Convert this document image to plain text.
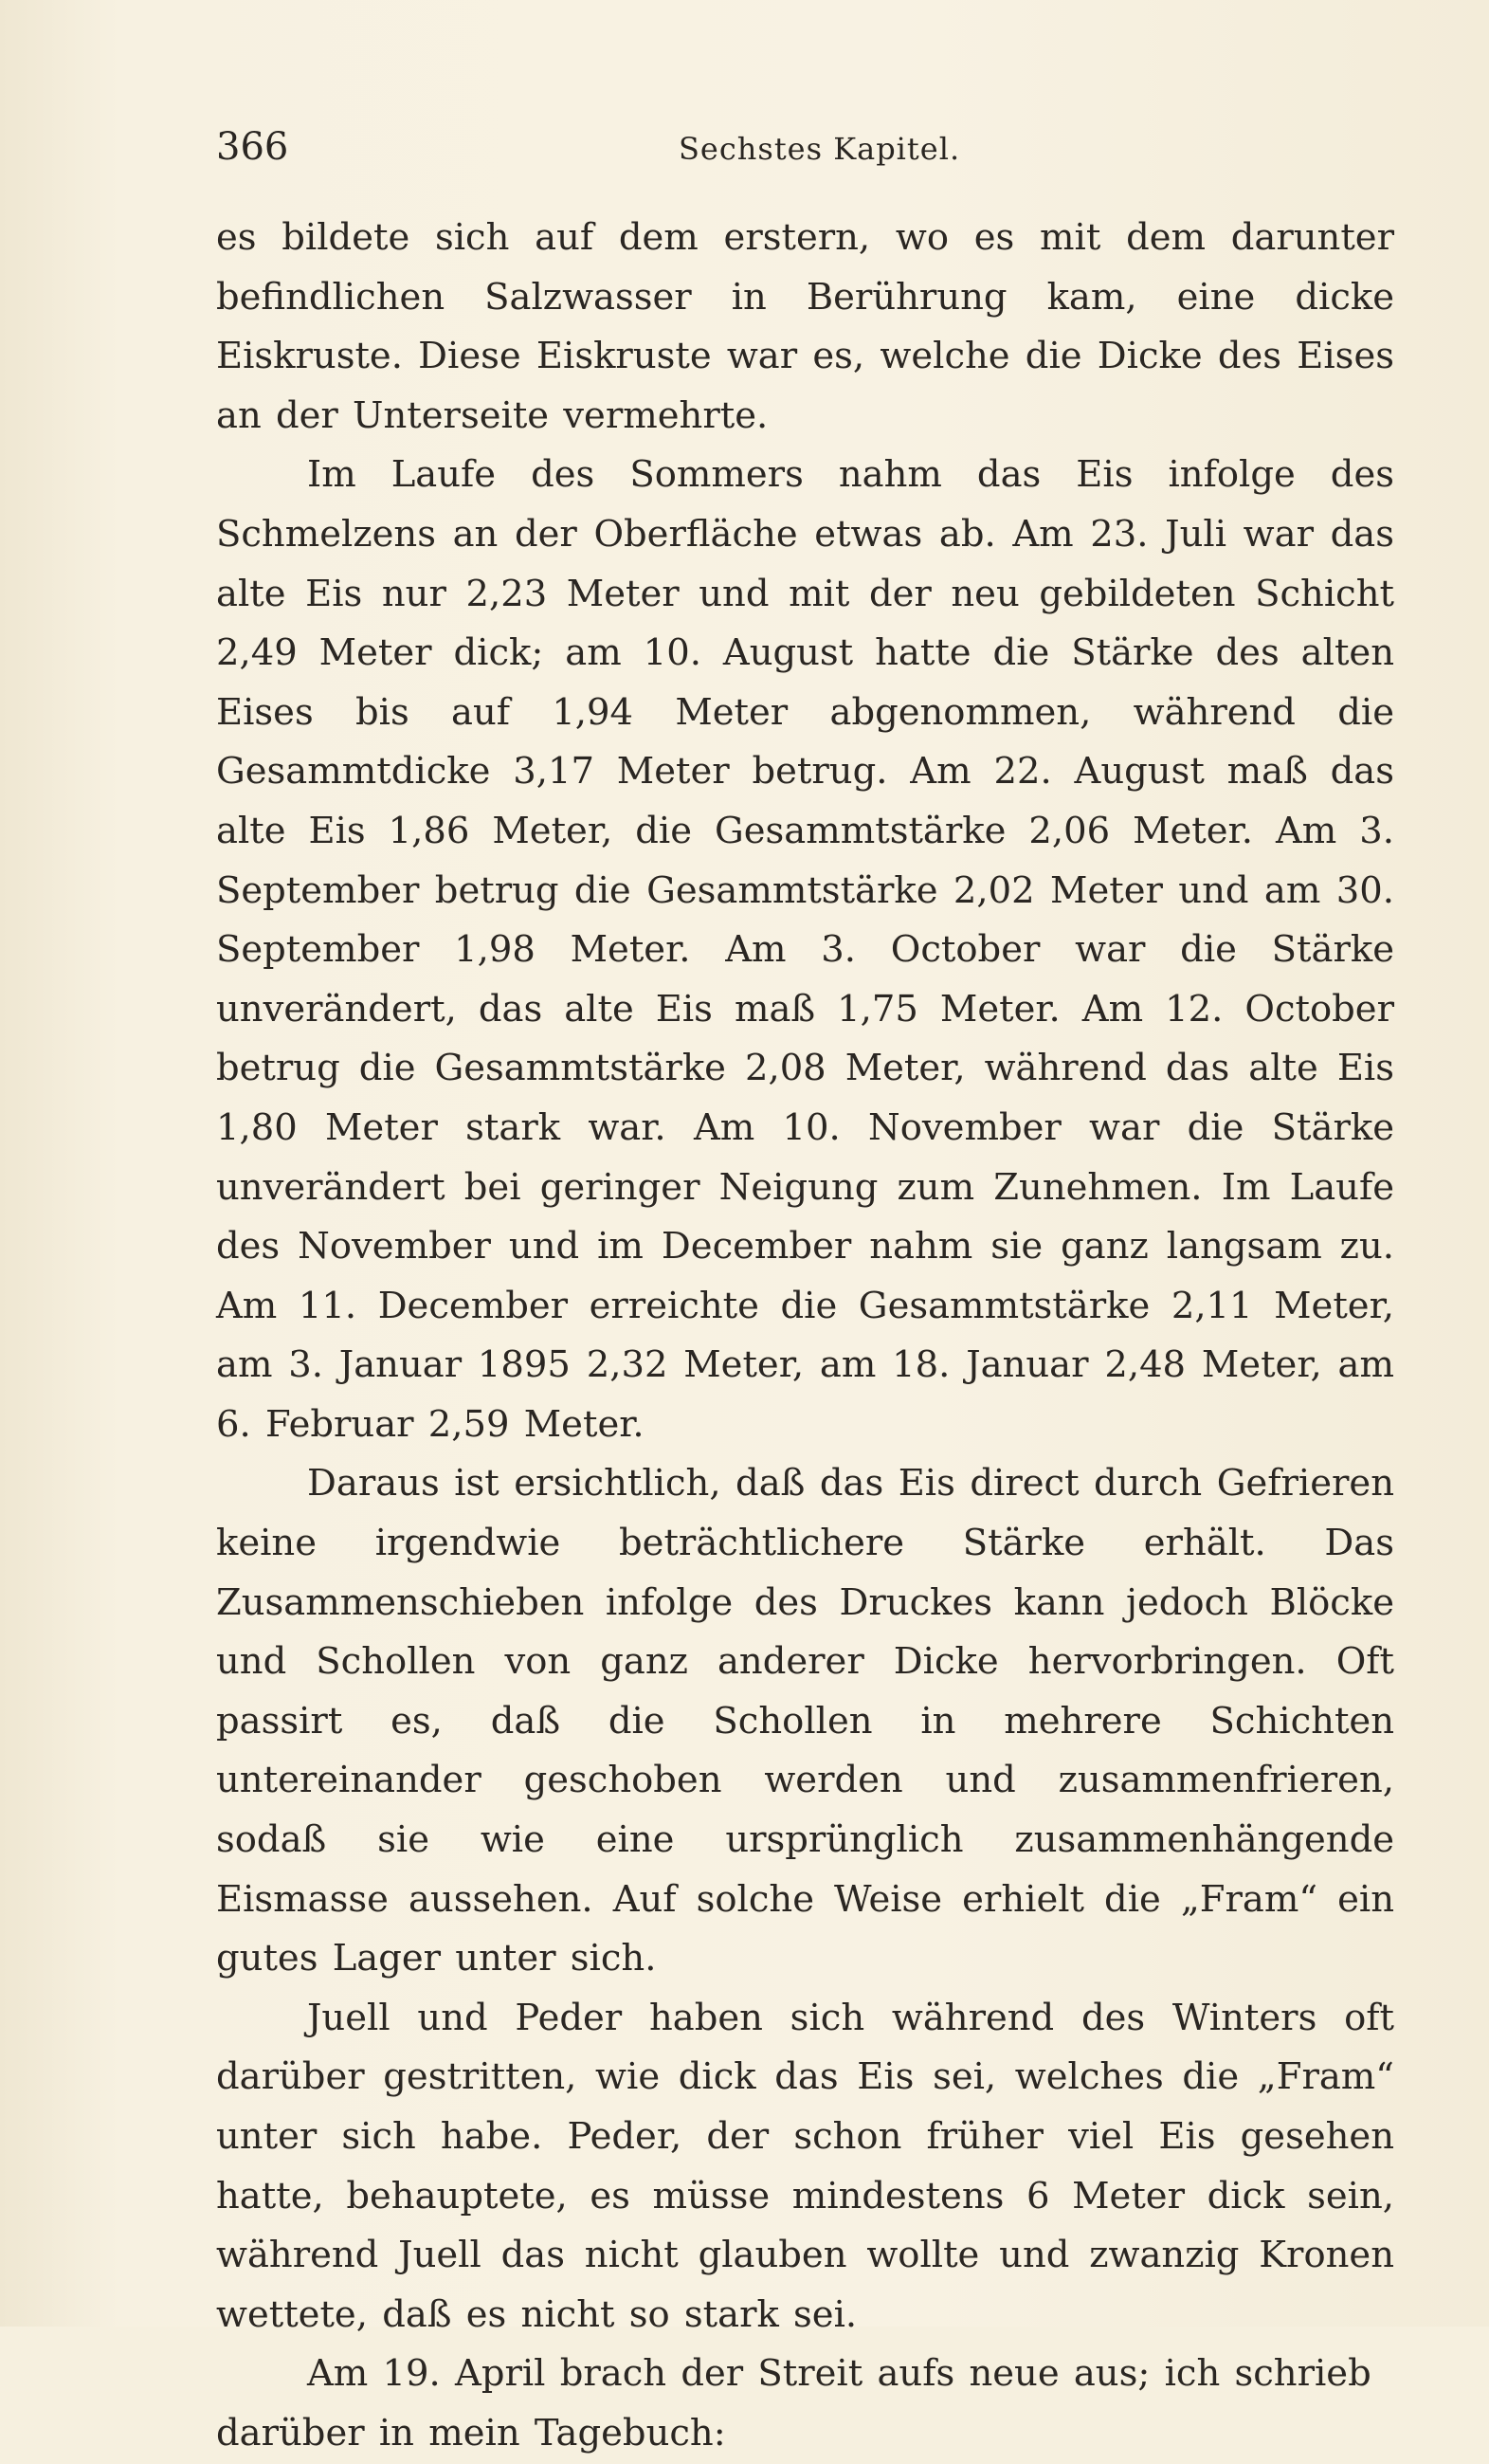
366	Sechstes Kapitel.

es bildete sich auf dem erstern, wo es mit dem darunter befindlichen Salzwasser in Berührung kam, eine dicke Eiskruste. Diese Eiskruste war es, welche die Dicke des Eises an der Unterseite vermehrte.

Im Laufe des Sommers nahm das Eis infolge des Schmelzens an der Oberfläche etwas ab. Am 23. Juli war das alte Eis nur 2,23 Meter und mit der neu gebildeten Schicht 2,49 Meter dick; am 10. August hatte die Stärke des alten Eises bis auf 1,94 Meter abgenommen, während die Gesammtdicke 3,17 Meter betrug. Am 22. August maß das alte Eis 1,86 Meter, die Gesammtstärke 2,06 Meter. Am 3. September betrug die Gesammtstärke 2,02 Meter und am 30. September 1,98 Meter. Am 3. October war die Stärke unverändert, das alte Eis maß 1,75 Meter. Am 12. October betrug die Gesammtstärke 2,08 Meter, während das alte Eis 1,80 Meter stark war. Am 10. November war die Stärke unverändert bei geringer Neigung zum Zunehmen. Im Laufe des November und im December nahm sie ganz langsam zu. Am 11. December erreichte die Gesammtstärke 2,11 Meter, am 3. Januar 1895 2,32 Meter, am 18. Januar 2,48 Meter, am 6. Februar 2,59 Meter.

Daraus ist ersichtlich, daß das Eis direct durch Gefrieren keine irgendwie beträchtlichere Stärke erhält. Das Zusammenschieben infolge des Druckes kann jedoch Blöcke und Schollen von ganz anderer Dicke hervorbringen. Oft passirt es, daß die Schollen in mehrere Schichten untereinander geschoben werden und zusammenfrieren, sodaß sie wie eine ursprünglich zusammenhängende Eismasse aussehen. Auf solche Weise erhielt die „Fram“ ein gutes Lager unter sich.

Juell und Peder haben sich während des Winters oft darüber gestritten, wie dick das Eis sei, welches die „Fram“ unter sich habe. Peder, der schon früher viel Eis gesehen hatte, behauptete, es müsse mindestens 6 Meter dick sein, während Juell das nicht glauben wollte und zwanzig Kronen wettete, daß es nicht so stark sei.

Am 19. April brach der Streit aufs neue aus; ich schrieb darüber in mein Tagebuch:
